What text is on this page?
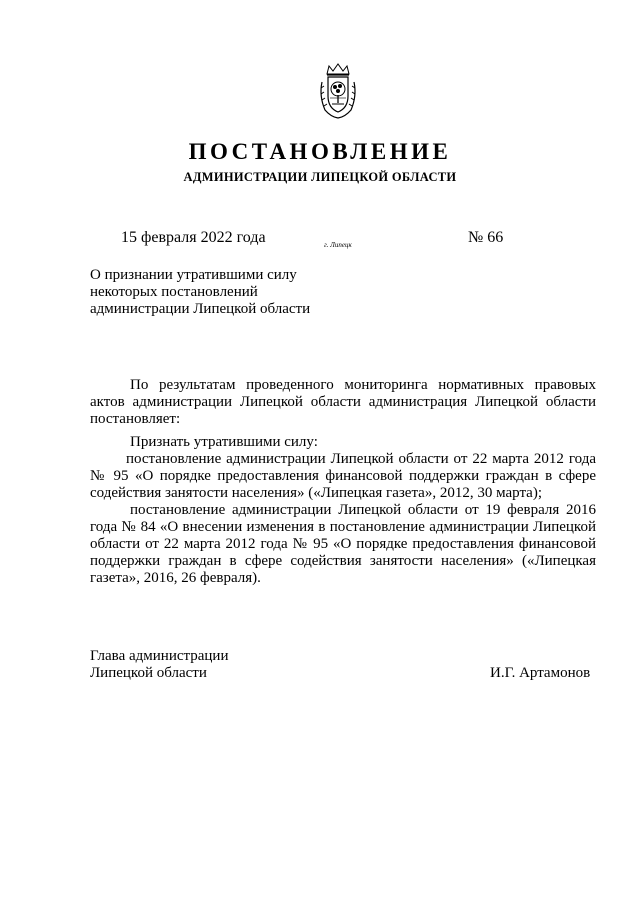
ПОСТАНОВЛЕНИЕ
АДМИНИСТРАЦИИ ЛИПЕЦКОЙ ОБЛАСТИ
15 февраля 2022 года	г. Липецк	№ 66
О признании утратившими силу
некоторых постановлений
администрации Липецкой области

По результатам проведенного мониторинга нормативных правовых актов администрации Липецкой области администрация Липецкой области постановляет:

Признать утратившими силу:

постановление администрации Липецкой области от 22 марта 2012 года № 95 «О порядке предоставления финансовой поддержки граждан в сфере содействия занятости населения» («Липецкая газета», 2012, 30 марта);

постановление администрации Липецкой области от 19 февраля 2016 года № 84 «О внесении изменения в постановление администрации Липецкой области от 22 марта 2012 года № 95 «О порядке предоставления финансовой поддержки граждан в сфере содействия занятости населения» («Липецкая газета», 2016, 26 февраля).

Глава администрации
Липецкой области	И.Г. Артамонов
